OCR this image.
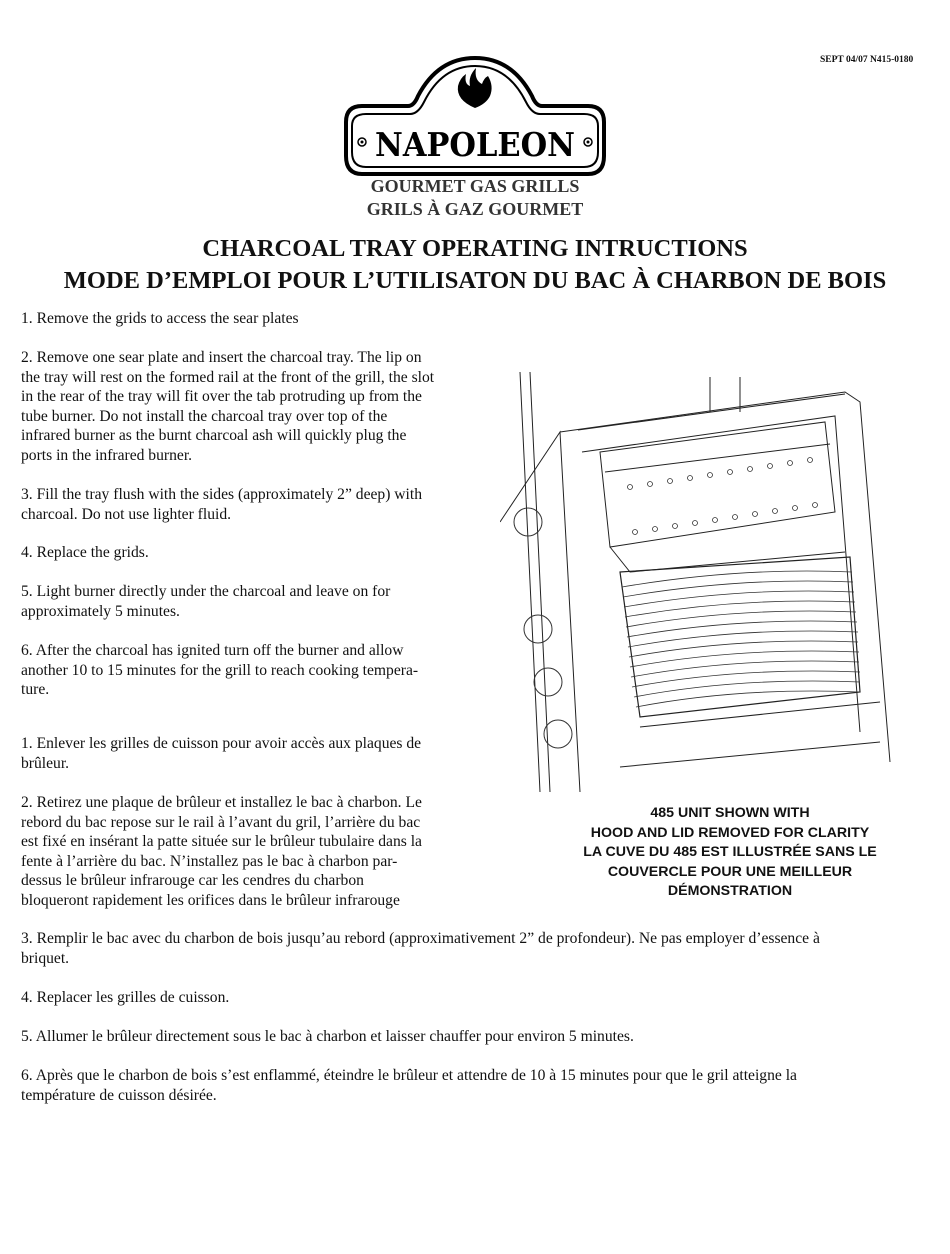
SEPT 04/07 N415-0180
NAPOLEON
GOURMET GAS GRILLS
GRILS À GAZ GOURMET
CHARCOAL TRAY OPERATING INTRUCTIONS
MODE D’EMPLOI POUR L’UTILISATON DU BAC À CHARBON DE BOIS
1. Remove the grids to access the sear plates
2. Remove one sear plate and insert the charcoal tray. The lip on
the tray will rest on the formed rail at the front of the grill, the slot
in the rear of the tray will fit over the tab protruding up from the
tube burner. Do not install the charcoal tray over top of the
infrared burner as the burnt charcoal ash will quickly plug the
ports in the infrared burner.
3. Fill the tray flush with the sides (approximately 2” deep) with
charcoal. Do not use lighter fluid.
4. Replace the grids.
5. Light burner directly under the charcoal and leave on for
approximately 5 minutes.
6. After the charcoal has ignited turn off the burner and allow
another 10 to 15 minutes for the grill to reach cooking tempera-
ture.
1. Enlever les grilles de cuisson pour avoir accès aux plaques de
brûleur.
2. Retirez une plaque de brûleur et installez le bac à charbon. Le
rebord du bac repose sur le rail à l’avant du gril, l’arrière du bac
est fixé en insérant la patte située sur le brûleur tubulaire dans la
fente à l’arrière du bac. N’installez pas le bac à charbon par-
dessus le brûleur infrarouge car les cendres du charbon
bloqueront rapidement les orifices dans le brûleur infrarouge
3. Remplir le bac avec du charbon de bois jusqu’au rebord (approximativement 2” de profondeur). Ne pas employer d’essence à
briquet.
4. Replacer les grilles de cuisson.
5. Allumer le brûleur directement sous le bac à charbon et laisser chauffer pour environ 5 minutes.
6. Après que le charbon de bois s’est enflammé, éteindre le brûleur et attendre de 10 à 15 minutes pour que le gril atteigne la
température de cuisson désirée.
485 UNIT SHOWN WITH
HOOD AND LID REMOVED FOR CLARITY
LA CUVE DU 485 EST ILLUSTRÉE SANS LE
COUVERCLE POUR UNE MEILLEUR
DÉMONSTRATION
